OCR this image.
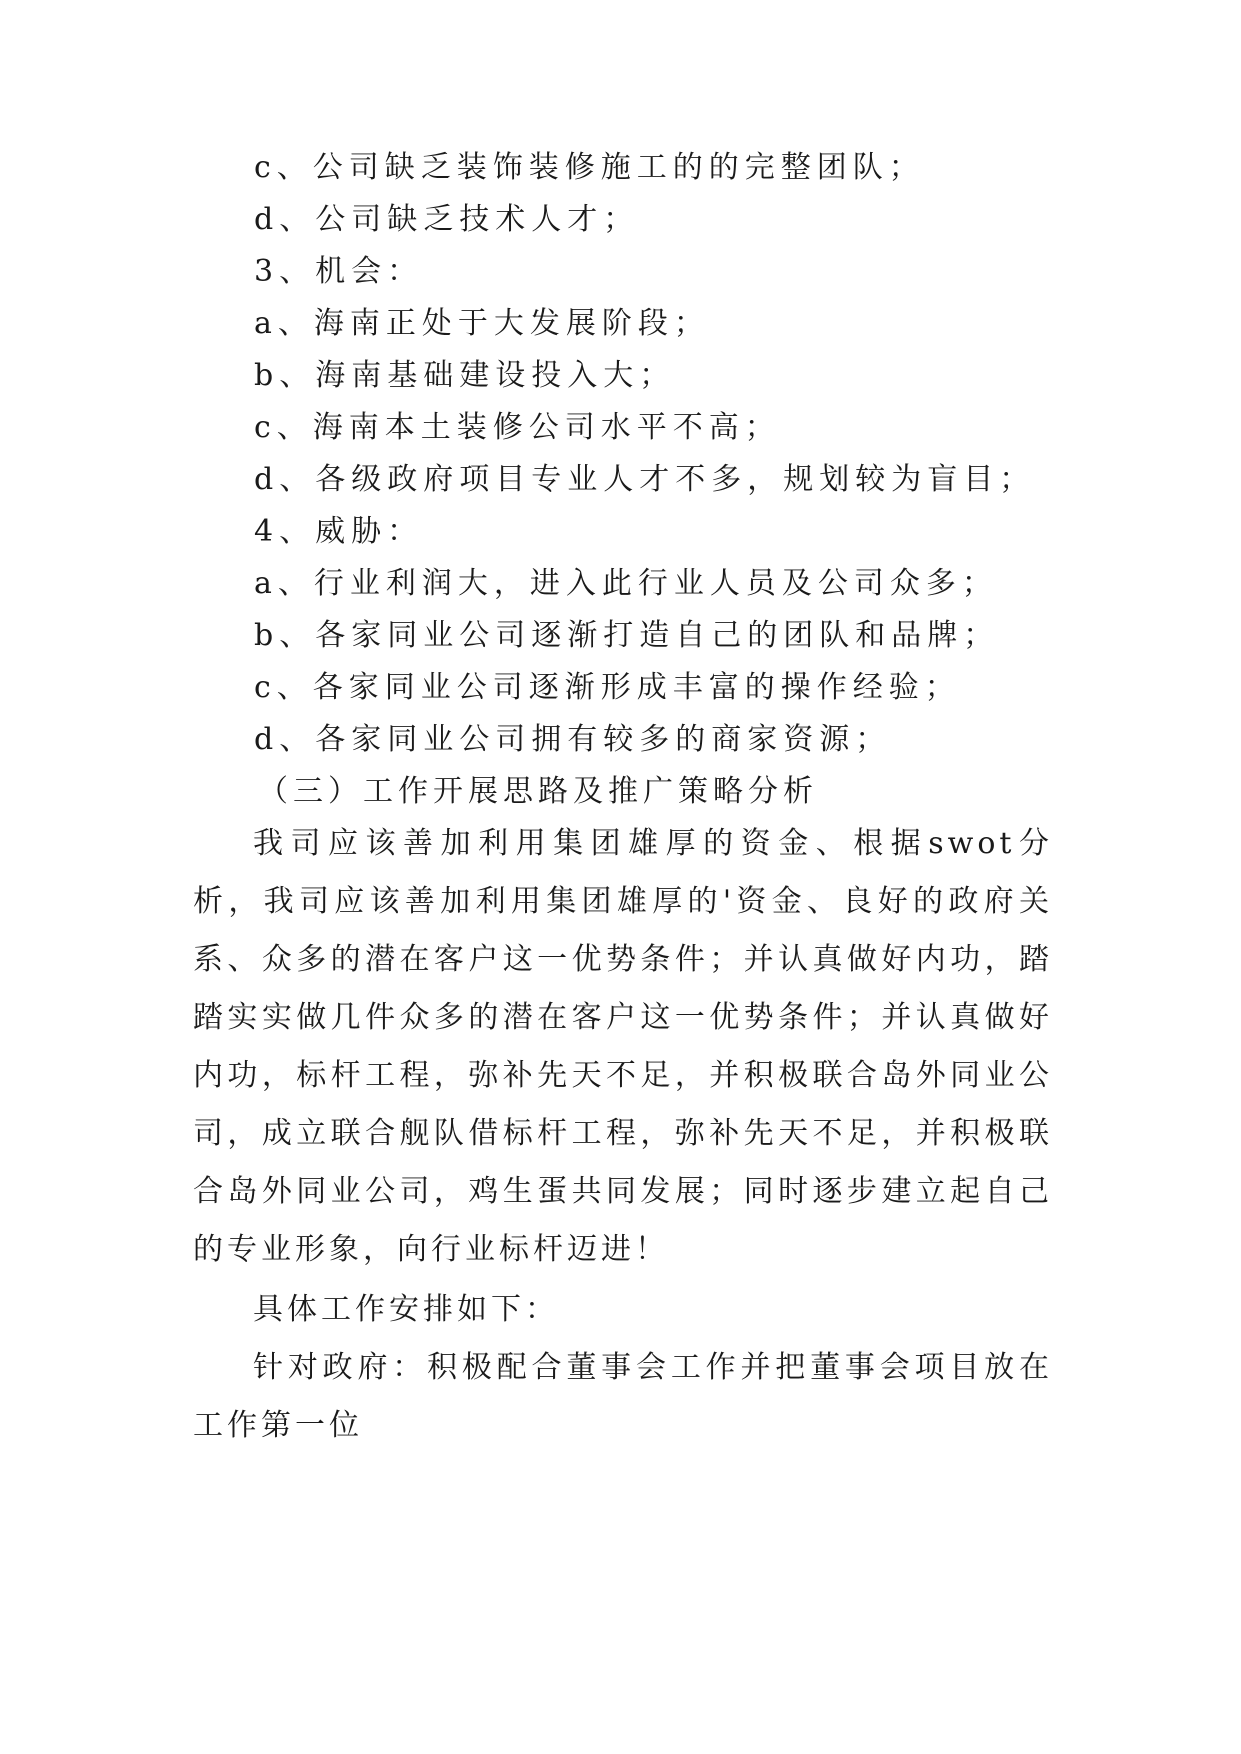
c、公司缺乏装饰装修施工的的完整团队；
d、公司缺乏技术人才；
3、机会：
a、海南正处于大发展阶段；
b、海南基础建设投入大；
c、海南本土装修公司水平不高；
d、各级政府项目专业人才不多，规划较为盲目；
4、威胁：
a、行业利润大，进入此行业人员及公司众多；
b、各家同业公司逐渐打造自己的团队和品牌；
c、各家同业公司逐渐形成丰富的操作经验；
d、各家同业公司拥有较多的商家资源；
（三）工作开展思路及推广策略分析
我司应该善加利用集团雄厚的资金、根据swot分析，我司应该善加利用集团雄厚的'资金、良好的政府关系、众多的潜在客户这一优势条件；并认真做好内功，踏踏实实做几件众多的潜在客户这一优势条件；并认真做好内功，标杆工程，弥补先天不足，并积极联合岛外同业公司，成立联合舰队借标杆工程，弥补先天不足，并积极联合岛外同业公司，鸡生蛋共同发展；同时逐步建立起自己的专业形象，向行业标杆迈进！
具体工作安排如下：
针对政府：积极配合董事会工作并把董事会项目放在工作第一位
